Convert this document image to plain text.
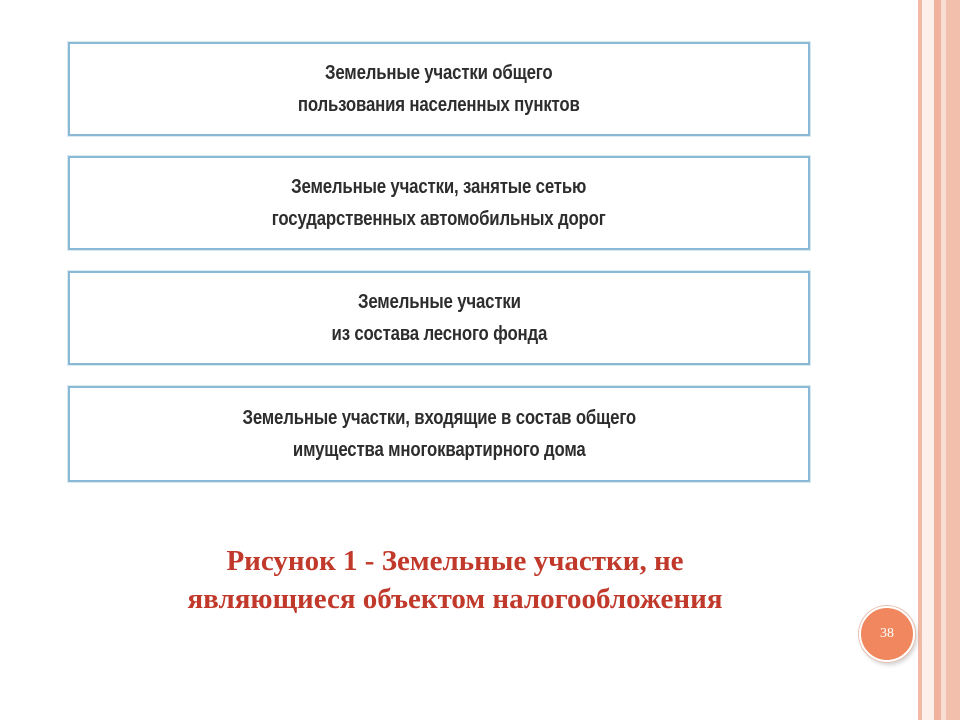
Земельные участки общего
пользования населенных пунктов
Земельные участки, занятые сетью
государственных автомобильных дорог
Земельные участки
из состава лесного фонда
Земельные участки, входящие в состав общего
имущества многоквартирного дома
Рисунок 1 - Земельные участки, не
являющиеся объектом налогообложения
38
